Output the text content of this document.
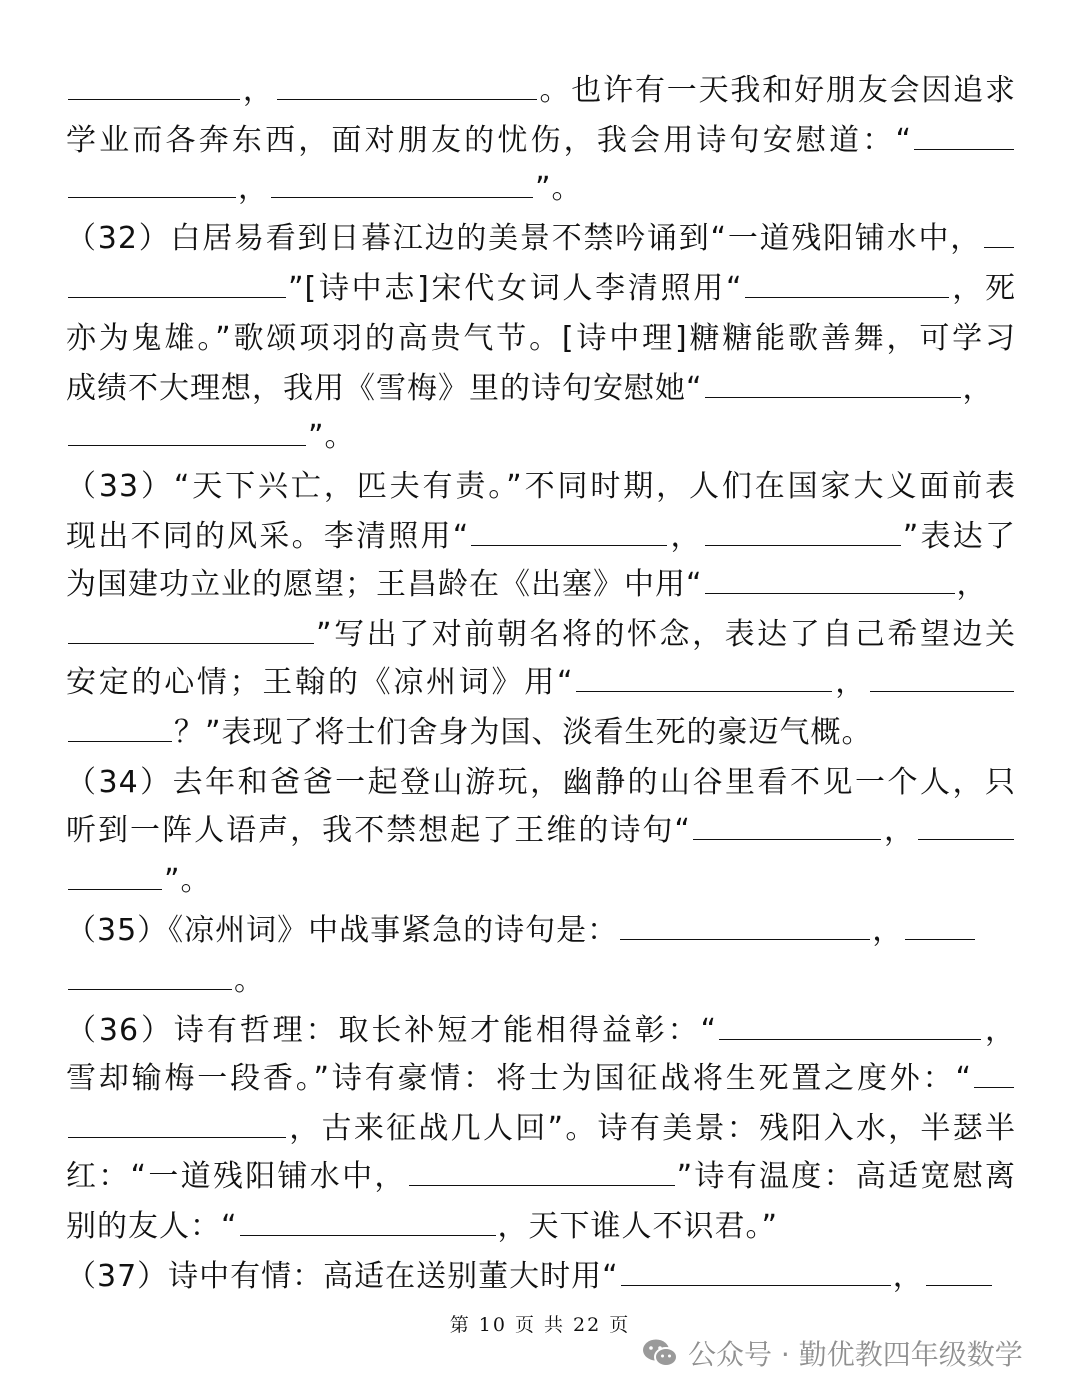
，	。也许有一天我和好朋友会因追求
学业而各奔东西，面对朋友的忧伤，我会用诗句安慰道：“
，	”。
（32）白居易看到日暮江边的美景不禁吟诵到“一道残阳铺水中，
”[诗中志]宋代女词人李清照用“	，死
亦为鬼雄。”歌颂项羽的高贵气节。[诗中理]糖糖能歌善舞，可学习
成绩不大理想，我用《雪梅》里的诗句安慰她“	，
”。
（33）“天下兴亡，匹夫有责。”不同时期，人们在国家大义面前表
现出不同的风采。李清照用“	，	”表达了
为国建功立业的愿望；王昌龄在《出塞》中用“	，
”写出了对前朝名将的怀念，表达了自己希望边关
安定的心情；王翰的《凉州词》用“	，
？”表现了将士们舍身为国、淡看生死的豪迈气概。
（34）去年和爸爸一起登山游玩，幽静的山谷里看不见一个人，只
听到一阵人语声，我不禁想起了王维的诗句“	，
”。
（35）《凉州词》中战事紧急的诗句是：	，
。
（36）诗有哲理：取长补短才能相得益彰：“	，
雪却输梅一段香。”诗有豪情：将士为国征战将生死置之度外：“
，古来征战几人回”。诗有美景：残阳入水，半瑟半
红：“一道残阳铺水中，	”诗有温度：高适宽慰离
别的友人：“	，天下谁人不识君。”
（37）诗中有情：高适在送别董大时用“	，
第 10 页 共 22 页
公众号 · 勤优教四年级数学
